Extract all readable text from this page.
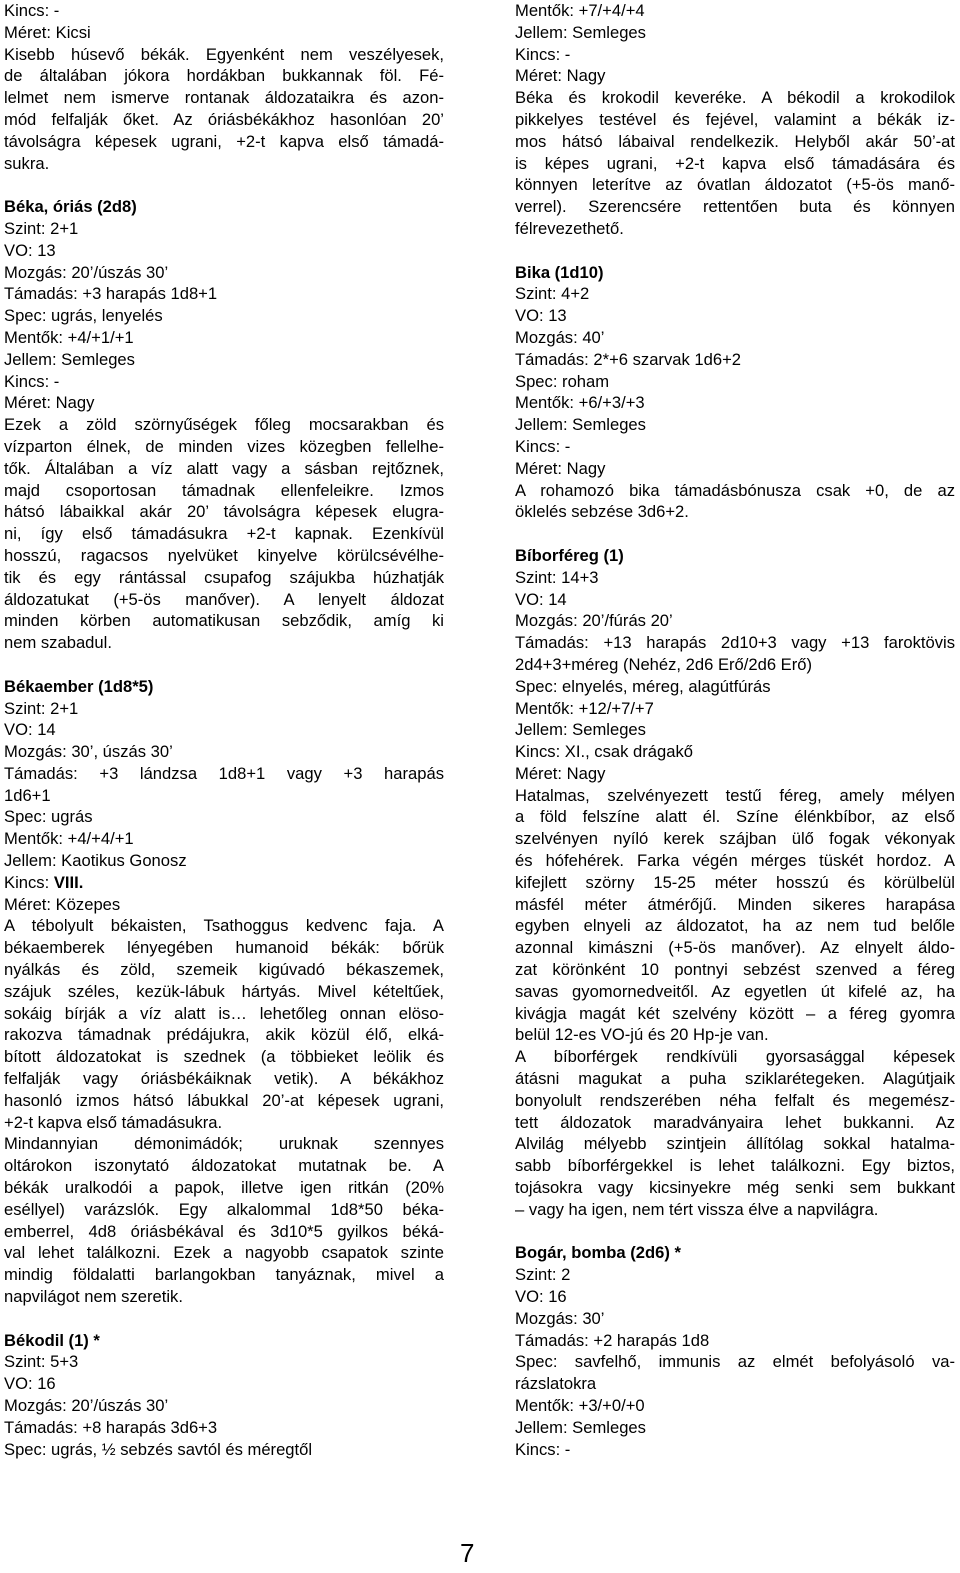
Kincs: -
Méret: Kicsi
Kisebb húsevő békák. Egyenként nem veszélyesek,
de általában jókora hordákban bukkannak föl. Fé-
lelmet nem ismerve rontanak áldozataikra és azon-
mód felfalják őket. Az óriásbékákhoz hasonlóan 20’
távolságra képesek ugrani, +2-t kapva első támadá-
sukra.
Béka, óriás (2d8)
Szint: 2+1
VO: 13
Mozgás: 20’/úszás 30’
Támadás: +3 harapás 1d8+1
Spec: ugrás, lenyelés
Mentők: +4/+1/+1
Jellem: Semleges
Kincs: -
Méret: Nagy
Ezek a zöld szörnyűségek főleg mocsarakban és
vízparton élnek, de minden vizes közegben fellelhe-
tők. Általában a víz alatt vagy a sásban rejtőznek,
majd csoportosan támadnak ellenfeleikre. Izmos
hátsó lábaikkal akár 20’ távolságra képesek elugra-
ni, így első támadásukra +2-t kapnak. Ezenkívül
hosszú, ragacsos nyelvüket kinyelve körülcsévélhe-
tik és egy rántással csupafog szájukba húzhatják
áldozatukat (+5-ös manőver). A lenyelt áldozat
minden körben automatikusan sebződik, amíg ki
nem szabadul.
Békaember (1d8*5)
Szint: 2+1
VO: 14
Mozgás: 30’, úszás 30’
Támadás: +3 lándzsa 1d8+1 vagy +3 harapás
1d6+1
Spec: ugrás
Mentők: +4/+4/+1
Jellem: Kaotikus Gonosz
Kincs: VIII.
Méret: Közepes
A tébolyult békaisten, Tsathoggus kedvenc faja. A
békaemberek lényegében humanoid békák: bőrük
nyálkás és zöld, szemeik kigúvadó békaszemek,
szájuk széles, kezük-lábuk hártyás. Mivel kételtűek,
sokáig bírják a víz alatt is… lehetőleg onnan elöso-
rakozva támadnak prédájukra, akik közül élő, elká-
bított áldozatokat is szednek (a többieket leölik és
felfalják vagy óriásbékáiknak vetik). A békákhoz
hasonló izmos hátsó lábukkal 20’-at képesek ugrani,
+2-t kapva első támadásukra.
Mindannyian démonimádók; uruknak szennyes
oltárokon iszonytató áldozatokat mutatnak be. A
békák uralkodói a papok, illetve igen ritkán (20%
eséllyel) varázslók. Egy alkalommal 1d8*50 béka-
emberrel, 4d8 óriásbékával és 3d10*5 gyilkos béká-
val lehet találkozni. Ezek a nagyobb csapatok szinte
mindig földalatti barlangokban tanyáznak, mivel a
napvilágot nem szeretik.
Békodil (1) *
Szint: 5+3
VO: 16
Mozgás: 20’/úszás 30’
Támadás: +8 harapás 3d6+3
Spec: ugrás, ½ sebzés savtól és méregtől
Mentők: +7/+4/+4
Jellem: Semleges
Kincs: -
Méret: Nagy
Béka és krokodil keveréke. A békodil a krokodilok
pikkelyes testével és fejével, valamint a békák iz-
mos hátsó lábaival rendelkezik. Helyből akár 50’-at
is képes ugrani, +2-t kapva első támadására és
könnyen leterítve az óvatlan áldozatot (+5-ös manő-
verrel). Szerencsére rettentően buta és könnyen
félrevezethető.
Bika (1d10)
Szint: 4+2
VO: 13
Mozgás: 40’
Támadás: 2*+6 szarvak 1d6+2
Spec: roham
Mentők: +6/+3/+3
Jellem: Semleges
Kincs: -
Méret: Nagy
A rohamozó bika támadásbónusza csak +0, de az
öklelés sebzése 3d6+2.
Bíborféreg (1)
Szint: 14+3
VO: 14
Mozgás: 20’/fúrás 20’
Támadás: +13 harapás 2d10+3 vagy +13 faroktövis
2d4+3+méreg (Nehéz, 2d6 Erő/2d6 Erő)
Spec: elnyelés, méreg, alagútfúrás
Mentők: +12/+7/+7
Jellem: Semleges
Kincs: XI., csak drágakő
Méret: Nagy
Hatalmas, szelvényezett testű féreg, amely mélyen
a föld felszíne alatt él. Színe élénkbíbor, az első
szelvényen nyíló kerek szájban ülő fogak vékonyak
és hófehérek. Farka végén mérges tüskét hordoz. A
kifejlett szörny 15-25 méter hosszú és körülbelül
másfél méter átmérőjű. Minden sikeres harapása
egyben elnyeli az áldozatot, ha az nem tud belőle
azonnal kimászni (+5-ös manőver). Az elnyelt áldo-
zat körönként 10 pontnyi sebzést szenved a féreg
savas gyomornedveitől. Az egyetlen út kifelé az, ha
kivágja magát két szelvény között – a féreg gyomra
belül 12-es VO-jú és 20 Hp-je van.
A bíborférgek rendkívüli gyorsasággal képesek
átásni magukat a puha sziklarétegeken. Alagútjaik
bonyolult rendszerében néha felfalt és megemész-
tett áldozatok maradványaira lehet bukkanni. Az
Alvilág mélyebb szintjein állítólag sokkal hatalma-
sabb bíborférgekkel is lehet találkozni. Egy biztos,
tojásokra vagy kicsinyekre még senki sem bukkant
– vagy ha igen, nem tért vissza élve a napvilágra.
Bogár, bomba (2d6) *
Szint: 2
VO: 16
Mozgás: 30’
Támadás: +2 harapás 1d8
Spec: savfelhő, immunis az elmét befolyásoló va-
rázslatokra
Mentők: +3/+0/+0
Jellem: Semleges
Kincs: -
7
